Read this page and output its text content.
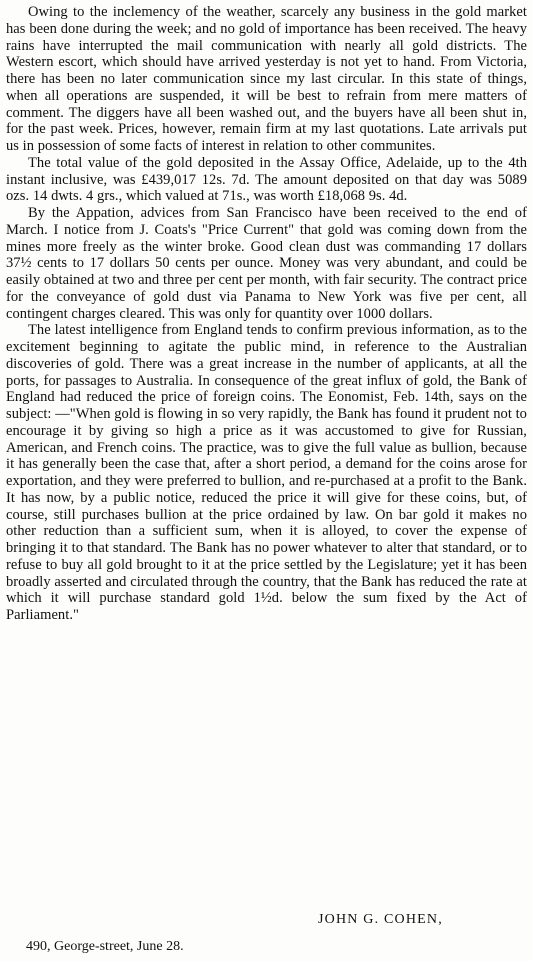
Owing to the inclemency of the weather, scarcely any business in the gold market has been done during the week; and no gold of importance has been received. The heavy rains have interrupted the mail communication with nearly all gold districts. The Western escort, which should have arrived yesterday is not yet to hand. From Victoria, there has been no later communication since my last circular. In this state of things, when all operations are suspended, it will be best to refrain from mere matters of comment. The diggers have all been washed out, and the buyers have all been shut in, for the past week. Prices, however, remain firm at my last quotations. Late arrivals put us in possession of some facts of interest in relation to other communites.

The total value of the gold deposited in the Assay Office, Adelaide, up to the 4th instant inclusive, was £439,017 12s. 7d. The amount deposited on that day was 5089 ozs. 14 dwts. 4 grs., which valued at 71s., was worth £18,068 9s. 4d.

By the Appation, advices from San Francisco have been received to the end of March. I notice from J. Coats's "Price Current" that gold was coming down from the mines more freely as the winter broke. Good clean dust was commanding 17 dollars 37½ cents to 17 dollars 50 cents per ounce. Money was very abundant, and could be easily obtained at two and three per cent per month, with fair security. The contract price for the conveyance of gold dust via Panama to New York was five per cent, all contingent charges cleared. This was only for quantity over 1000 dollars.

The latest intelligence from England tends to confirm previous information, as to the excitement beginning to agitate the public mind, in reference to the Australian discoveries of gold. There was a great increase in the number of applicants, at all the ports, for passages to Australia. In consequence of the great influx of gold, the Bank of England had reduced the price of foreign coins. The Eonomist, Feb. 14th, says on the subject: —"When gold is flowing in so very rapidly, the Bank has found it prudent not to encourage it by giving so high a price as it was accustomed to give for Russian, American, and French coins. The practice, was to give the full value as bullion, because it has generally been the case that, after a short period, a demand for the coins arose for exportation, and they were preferred to bullion, and re-purchased at a profit to the Bank. It has now, by a public notice, reduced the price it will give for these coins, but, of course, still purchases bullion at the price ordained by law. On bar gold it makes no other reduction than a sufficient sum, when it is alloyed, to cover the expense of bringing it to that standard. The Bank has no power whatever to alter that standard, or to refuse to buy all gold brought to it at the price settled by the Legislature; yet it has been broadly asserted and circulated through the country, that the Bank has reduced the rate at which it will purchase standard gold 1½d. below the sum fixed by the Act of Parliament."

JOHN G. COHEN,
490, George-street, June 28.
